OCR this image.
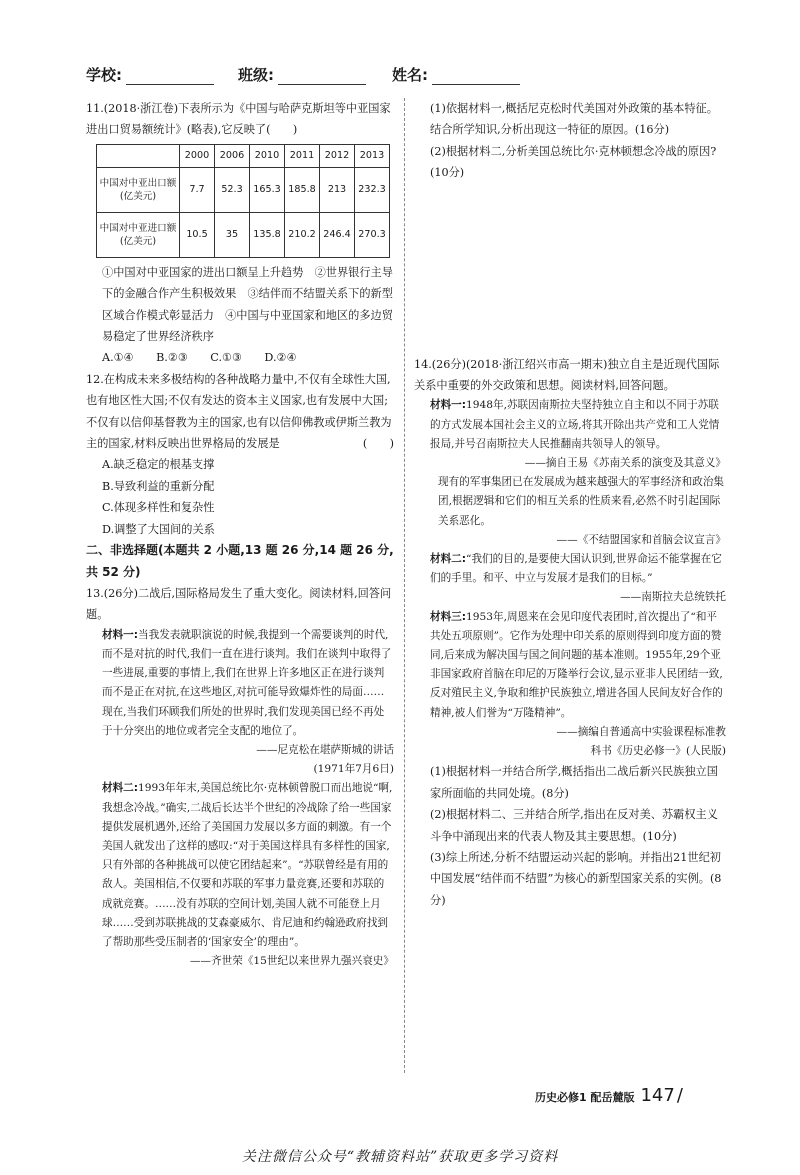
学校:	班级:	姓名:

11.(2018·浙江卷)下表所示为《中国与哈萨克斯坦等中亚国家进出口贸易额统计》(略表),它反映了(　　)

	2000	2006	2010	2011	2012	2013
中国对中亚出口额(亿美元)	7.7	52.3	165.3	185.8	213	232.3
中国对中亚进口额(亿美元)	10.5	35	135.8	210.2	246.4	270.3

①中国对中亚国家的进出口额呈上升趋势　②世界银行主导下的金融合作产生积极效果　③结伴而不结盟关系下的新型区域合作模式彰显活力　④中国与中亚国家和地区的多边贸易稳定了世界经济秩序

A.①④　　B.②③　　C.①③　　D.②④

12.在构成未来多极结构的各种战略力量中,不仅有全球性大国,也有地区性大国;不仅有发达的资本主义国家,也有发展中大国;不仅有以信仰基督教为主的国家,也有以信仰佛教或伊斯兰教为主的国家,材料反映出世界格局的发展是	(　　)

A.缺乏稳定的根基支撑

B.导致利益的重新分配

C.体现多样性和复杂性

D.调整了大国间的关系

二、非选择题(本题共 2 小题,13 题 26 分,14 题 26 分,共 52 分)

13.(26分)二战后,国际格局发生了重大变化。阅读材料,回答问题。

材料一:当我发表就职演说的时候,我提到一个需要谈判的时代,而不是对抗的时代,我们一直在进行谈判。我们在谈判中取得了一些进展,重要的事情上,我们在世界上许多地区正在进行谈判而不是正在对抗,在这些地区,对抗可能导致爆炸性的局面……现在,当我们环顾我们所处的世界时,我们发现美国已经不再处于十分突出的地位或者完全支配的地位了。

——尼克松在堪萨斯城的讲话

(1971年7月6日)

材料二:1993年年末,美国总统比尔·克林顿曾脱口而出地说“啊,我想念冷战。”确实,二战后长达半个世纪的冷战除了给一些国家提供发展机遇外,还给了美国国力发展以多方面的刺激。有一个美国人就发出了这样的感叹:“对于美国这样具有多样性的国家,只有外部的各种挑战可以使它团结起来”。“苏联曾经是有用的敌人。美国相信,不仅要和苏联的军事力量竞赛,还要和苏联的成就竞赛。……没有苏联的空间计划,美国人就不可能登上月球……受到苏联挑战的艾森豪威尔、肯尼迪和约翰逊政府找到了帮助那些受压制者的‘国家安全’的理由”。

——齐世荣《15世纪以来世界九强兴衰史》

(1)依据材料一,概括尼克松时代美国对外政策的基本特征。结合所学知识,分析出现这一特征的原因。(16分)

(2)根据材料二,分析美国总统比尔·克林顿想念冷战的原因?(10分)

14.(26分)(2018·浙江绍兴市高一期末)独立自主是近现代国际关系中重要的外交政策和思想。阅读材料,回答问题。

材料一:1948年,苏联因南斯拉夫坚持独立自主和以不同于苏联的方式发展本国社会主义的立场,将其开除出共产党和工人党情报局,并号召南斯拉夫人民推翻南共领导人的领导。

——摘自王易《苏南关系的演变及其意义》

现有的军事集团已在发展成为越来越强大的军事经济和政治集团,根据逻辑和它们的相互关系的性质来看,必然不时引起国际关系恶化。

——《不结盟国家和首脑会议宣言》

材料二:“我们的目的,是要使大国认识到,世界命运不能掌握在它们的手里。和平、中立与发展才是我们的目标。”

——南斯拉夫总统铁托

材料三:1953年,周恩来在会见印度代表团时,首次提出了“和平共处五项原则”。它作为处理中印关系的原则得到印度方面的赞同,后来成为解决国与国之间问题的基本准则。1955年,29个亚非国家政府首脑在印尼的万隆举行会议,显示亚非人民团结一致,反对殖民主义,争取和维护民族独立,增进各国人民间友好合作的精神,被人们誉为“万隆精神”。

——摘编自普通高中实验课程标准教

科书《历史必修一》(人民版)

(1)根据材料一并结合所学,概括指出二战后新兴民族独立国家所面临的共同处境。(8分)

(2)根据材料二、三并结合所学,指出在反对美、苏霸权主义斗争中涌现出来的代表人物及其主要思想。(10分)

(3)综上所述,分析不结盟运动兴起的影响。并指出21世纪初中国发展“结伴而不结盟”为核心的新型国家关系的实例。(8分)

历史必修1 配岳麓版 147 /
关注微信公众号“教辅资料站”获取更多学习资料
